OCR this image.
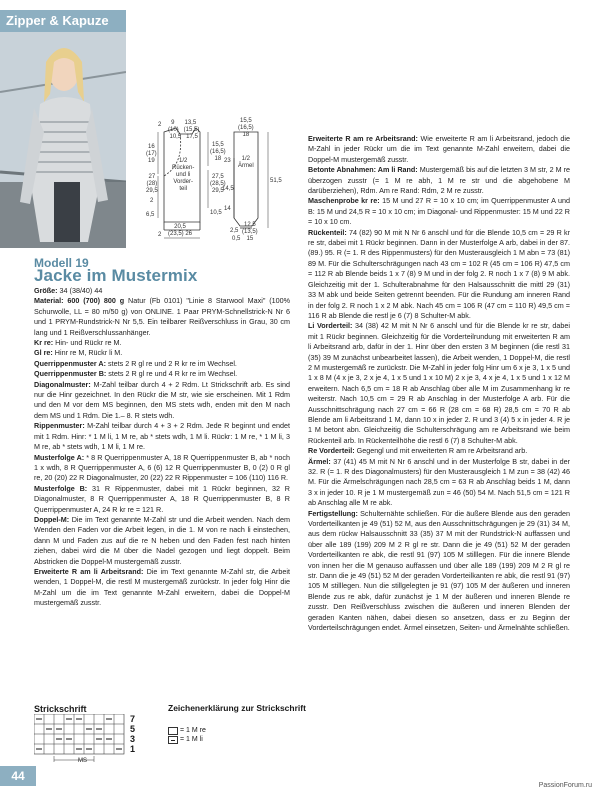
Zipper & Kapuze
9      13,5
(10)   (15,5)
10,5   17,5
1/2
Rücken-
und li
Vorder-
teil
16
(17)
19
27
(28)
29,5
15,5
(16,5)
18
27,5
(28,5)
29,5
10,5
2
2
6,5
20,5
(23,5) 26
2
15,5
(16,5)
18
1/2
Ärmel
23
14,5
51,5
14
12,5
(13,5)
15
2,5
0,5
Modell 19
Jacke im Mustermix

Größe: 34 (38/40) 44

Material: 600 (700) 800 g Natur (Fb 0101) "Linie 8 Starwool Maxi" (100% Schurwolle, LL = 80 m/50 g) von ONLINE. 1 Paar PRYM-Schnellstrick-N Nr 6 und 1 PRYM-Rundstrick-N Nr 5,5. Ein teilbarer Reißverschluss in Grau, 30 cm lang und 1 Reißverschlussanhänger.

Kr re: Hin- und Rückr re M.

Gl re: Hinr re M, Rückr li M.

Querrippenmuster A: stets 2 R gl re und 2 R kr re im Wechsel.

Querrippenmuster B: stets 2 R gl re und 4 R kr re im Wechsel.

Diagonalmuster: M-Zahl teilbar durch 4 + 2 Rdm. Lt Strickschrift arb. Es sind nur die Hinr gezeichnet. In den Rückr die M str, wie sie erscheinen. Mit 1 Rdm und den M vor dem MS beginnen, den MS stets wdh, enden mit den M nach dem MS und 1 Rdm. Die 1.– 8. R stets wdh.

Rippenmuster: M-Zahl teilbar durch 4 + 3 + 2 Rdm. Jede R beginnt und endet mit 1 Rdm. Hinr: * 1 M li, 1 M re, ab * stets wdh, 1 M li. Rückr: 1 M re, * 1 M li, 3 M re, ab * stets wdh, 1 M li, 1 M re.

Musterfolge A: * 8 R Querrippenmuster A, 18 R Querrippenmuster B, ab * noch 1 x wdh, 8 R Querrippenmuster A, 6 (6) 12 R Querrippenmuster B, 0 (2) 0 R gl re, 20 (20) 22 R Diagonalmuster, 20 (22) 22 R Rippenmuster = 106 (110) 116 R.

Musterfolge B: 31 R Rippenmuster, dabei mit 1 Rückr beginnen, 32 R Diagonalmuster, 8 R Querrippenmuster A, 18 R Querrippenmuster B, 8 R Querrippenmuster A, 24 R kr re = 121 R.

Doppel-M: Die im Text genannte M-Zahl str und die Arbeit wenden. Nach dem Wenden den Faden vor die Arbeit legen, in die 1. M von re nach li einstechen, dann M und Faden zus auf die re N heben und den Faden fest nach hinten ziehen, dabei wird die M über die Nadel gezogen und liegt doppelt. Beim Abstricken die Doppel-M mustergemäß zusstr.

Erweiterte R am li Arbeitsrand: Die im Text genannte M-Zahl str, die Arbeit wenden, 1 Doppel-M, die restl M mustergemäß zurückstr. In jeder folg Hinr die M-Zahl um die im Text genannte M-Zahl erweitern, dabei die Doppel-M mustergemäß zusstr.

Erweiterte R am re Arbeitsrand: Wie erweiterte R am li Arbeitsrand, jedoch die M-Zahl in jeder Rückr um die im Text genannte M-Zahl erweitern, dabei die Doppel-M mustergemäß zusstr.

Betonte Abnahmen: Am li Rand: Mustergemäß bis auf die letzten 3 M str, 2 M re überzogen zusstr (= 1 M re abh, 1 M re str und die abgehobene M darüberziehen), Rdm. Am re Rand: Rdm, 2 M re zusstr.

Maschenprobe kr re: 15 M und 27 R = 10 x 10 cm; im Querrippenmuster A und B: 15 M und 24,5 R = 10 x 10 cm; im Diagonal- und Rippenmuster: 15 M und 22 R = 10 x 10 cm.

Rückenteil: 74 (82) 90 M mit N Nr 6 anschl und für die Blende 10,5 cm = 29 R kr re str, dabei mit 1 Rückr beginnen. Dann in der Musterfolge A arb, dabei in der 87. (89.) 95. R (= 1. R des Rippenmusters) für den Musterausgleich 1 M abn = 73 (81) 89 M. Für die Schulterschrägungen nach 43 cm = 102 R (45 cm = 106 R) 47,5 cm = 112 R ab Blende beids 1 x 7 (8) 9 M und in der folg 2. R noch 1 x 7 (8) 9 M abk. Gleichzeitig mit der 1. Schulterabnahme für den Halsausschnitt die mittl 29 (31) 33 M abk und beide Seiten getrennt beenden. Für die Rundung am inneren Rand in der folg 2. R noch 1 x 2 M abk. Nach 45 cm = 106 R (47 cm = 110 R) 49,5 cm = 116 R ab Blende die restl je 6 (7) 8 Schulter-M abk.

Li Vorderteil: 34 (38) 42 M mit N Nr 6 anschl und für die Blende kr re str, dabei mit 1 Rückr beginnen. Gleichzeitig für die Vorderteilrundung mit erweiterten R am li Arbeitsrand arb, dafür in der 1. Hinr über den ersten 3 M beginnen (die restl 31 (35) 39 M zunächst unbearbeitet lassen), die Arbeit wenden, 1 Doppel-M, die restl 2 M mustergemäß re zurückstr. Die M-Zahl in jeder folg Hinr um 6 x je 3, 1 x 5 und 1 x 8 M (4 x je 3, 2 x je 4, 1 x 5 und 1 x 10 M) 2 x je 3, 4 x je 4, 1 x 5 und 1 x 12 M erweitern. Nach 6,5 cm = 18 R ab Anschlag über alle M im Zusammenhang kr re weiterstr. Nach 10,5 cm = 29 R ab Anschlag in der Musterfolge A arb. Für die Ausschnittschrägung nach 27 cm = 66 R (28 cm = 68 R) 28,5 cm = 70 R ab Blende am li Arbeitsrand 1 M, dann 10 x in jeder 2. R und 3 (4) 5 x in jeder 4. R je 1 M betont abn. Gleichzeitig die Schulterschrägung am re Arbeitsrand wie beim Rückenteil arb. In Rückenteilhöhe die restl 6 (7) 8 Schulter-M abk.

Re Vorderteil: Gegengl und mit erweiterten R am re Arbeitsrand arb.

Ärmel: 37 (41) 45 M mit N Nr 6 anschl und in der Musterfolge B str, dabei in der 32. R (= 1. R des Diagonalmusters) für den Musterausgleich 1 M zun = 38 (42) 46 M. Für die Ärmelschrägungen nach 28,5 cm = 63 R ab Anschlag beids 1 M, dann 3 x in jeder 10. R je 1 M mustergemäß zun = 46 (50) 54 M. Nach 51,5 cm = 121 R ab Anschlag alle M re abk.

Fertigstellung: Schulternähte schließen. Für die äußere Blende aus den geraden Vorderteilkanten je 49 (51) 52 M, aus den Ausschnittschrägungen je 29 (31) 34 M, aus dem rückw Halsausschnitt 33 (35) 37 M mit der Rundstrick-N auffassen und über alle 189 (199) 209 M 2 R gl re str. Dann die je 49 (51) 52 M der geraden Vorderteilkanten re abk, die restl 91 (97) 105 M stilllegen. Für die innere Blende von innen her die M genauso auffassen und über alle 189 (199) 209 M 2 R gl re str. Dann die je 49 (51) 52 M der geraden Vorderteilkanten re abk, die restl 91 (97) 105 M stilllegen. Nun die stillgelegten je 91 (97) 105 M der äußeren und inneren Blende zus re abk, dafür zunächst je 1 M der äußeren und inneren Blende re zusstr. Den Reißverschluss zwischen die äußeren und inneren Blenden der geraden Kanten nähen, dabei diesen so ansetzen, dass er zu Beginn der Vorderteilschrägungen endet. Ärmel einsetzen, Seiten- und Ärmelnähte schließen.

Strickschrift
7
5
3
1
MS
Zeichenerklärung zur Strickschrift
= 1 M re
= 1 M li
44
PassionForum.ru
